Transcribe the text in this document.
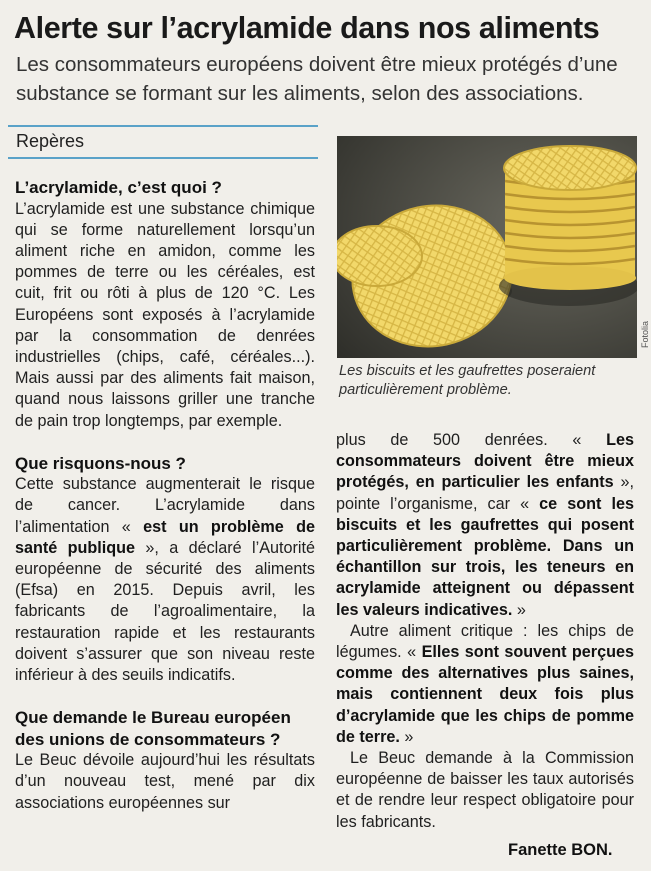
Alerte sur l’acrylamide dans nos aliments
Les consommateurs européens doivent être mieux protégés d’une substance se formant sur les aliments, selon des associations.
Repères
L’acrylamide, c’est quoi ?

L’acrylamide est une substance chimique qui se forme naturellement lorsqu’un aliment riche en amidon, comme les pommes de terre ou les céréales, est cuit, frit ou rôti à plus de 120 °C. Les Européens sont exposés à l’acrylamide par la consommation de denrées industrielles (chips, café, céréales...). Mais aussi par des aliments fait maison, quand nous laissons griller une tranche de pain trop longtemps, par exemple.

Que risquons-nous ?

Cette substance augmenterait le risque de cancer. L’acrylamide dans l’alimentation « est un problème de santé publique », a déclaré l’Autorité européenne de sécurité des aliments (Efsa) en 2015. Depuis avril, les fabricants de l’agroalimentaire, la restauration rapide et les restaurants doivent s’assurer que son niveau reste inférieur à des seuils indicatifs.

Que demande le Bureau européen des unions de consommateurs ?

Le Beuc dévoile aujourd’hui les résultats d’un nouveau test, mené par dix associations européennes sur

Fotolia
Les biscuits et les gaufrettes poseraient particulièrement problème.

plus de 500 denrées. « Les consommateurs doivent être mieux protégés, en particulier les enfants », pointe l’organisme, car « ce sont les biscuits et les gaufrettes qui posent particulièrement problème. Dans un échantillon sur trois, les teneurs en acrylamide atteignent ou dépassent les valeurs indicatives. »

Autre aliment critique : les chips de légumes. « Elles sont souvent perçues comme des alternatives plus saines, mais contiennent deux fois plus d’acrylamide que les chips de pomme de terre. »

Le Beuc demande à la Commission européenne de baisser les taux autorisés et de rendre leur respect obligatoire pour les fabricants.

Fanette BON.
